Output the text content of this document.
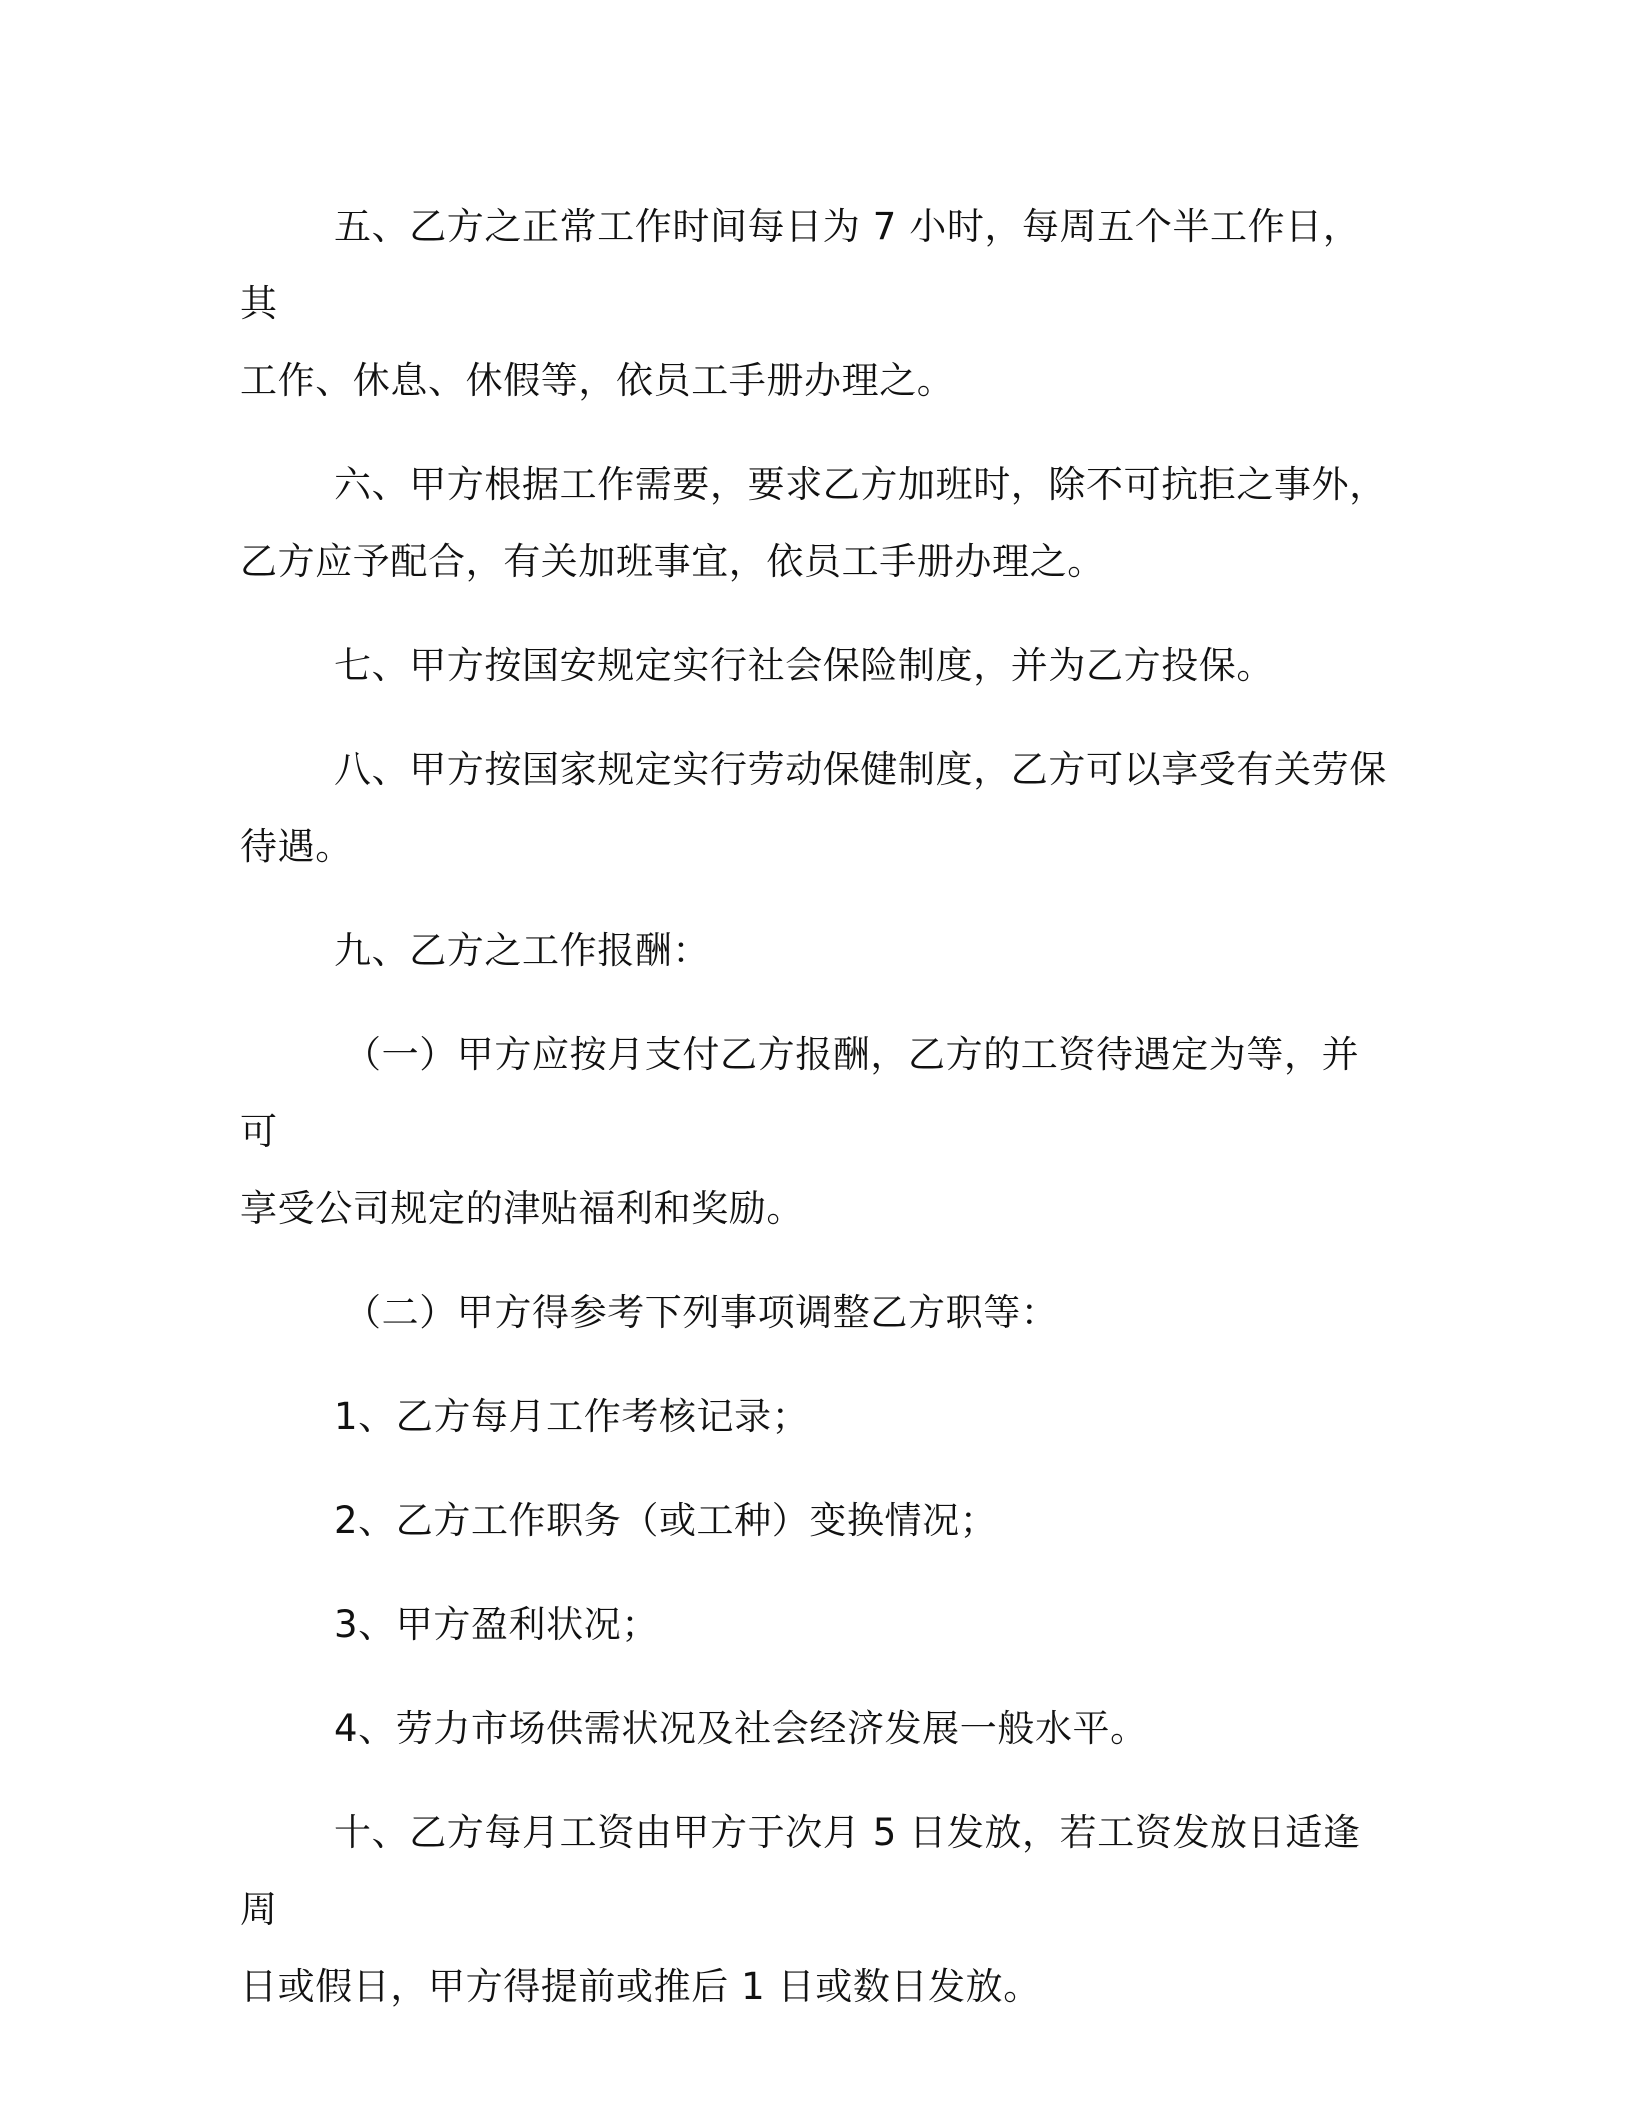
五、乙方之正常工作时间每日为 7 小时，每周五个半工作日，其
工作、休息、休假等，依员工手册办理之。

六、甲方根据工作需要，要求乙方加班时，除不可抗拒之事外，
乙方应予配合，有关加班事宜，依员工手册办理之。

七、甲方按国安规定实行社会保险制度，并为乙方投保。

八、甲方按国家规定实行劳动保健制度，乙方可以享受有关劳保
待遇。

九、乙方之工作报酬：

（一）甲方应按月支付乙方报酬，乙方的工资待遇定为等，并可
享受公司规定的津贴福利和奖励。

（二）甲方得参考下列事项调整乙方职等：

1、乙方每月工作考核记录；

2、乙方工作职务（或工种）变换情况；

3、甲方盈利状况；

4、劳力市场供需状况及社会经济发展一般水平。

十、乙方每月工资由甲方于次月 5 日发放，若工资发放日适逢周
日或假日，甲方得提前或推后 1 日或数日发放。
